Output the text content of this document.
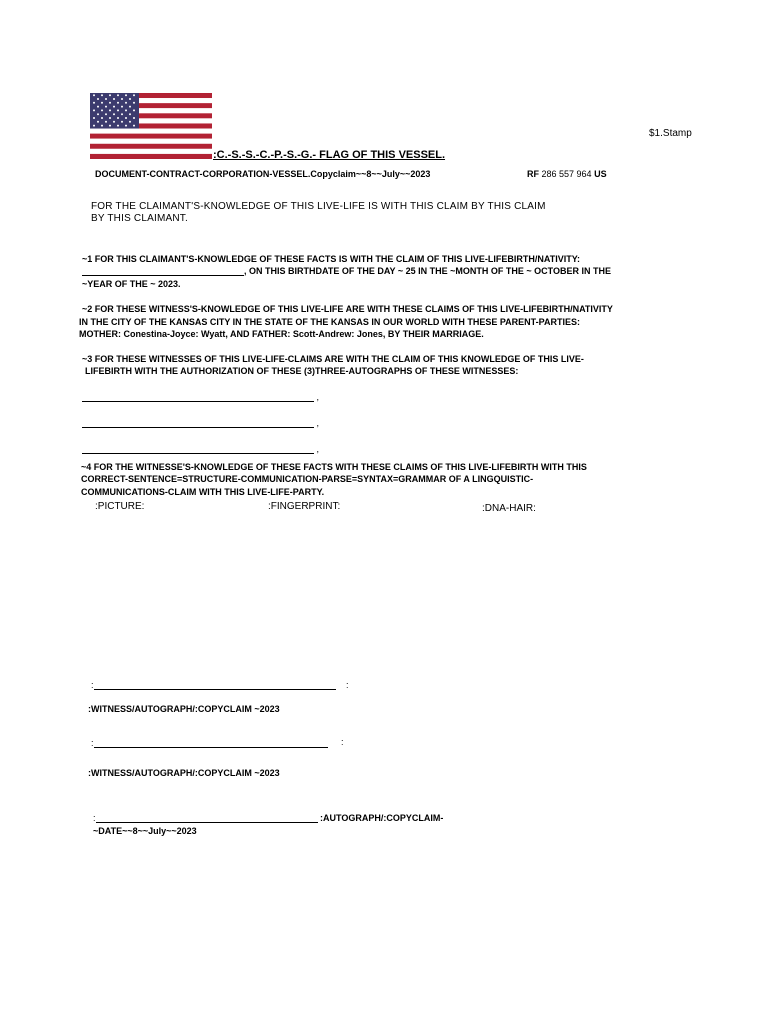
$1.Stamp
:C.-S.-S.-C.-P.-S.-G.- FLAG OF THIS VESSEL.
DOCUMENT-CONTRACT-CORPORATION-VESSEL.Copyclaim~~8~~July~~2023	RF 286 557 964 US
FOR THE CLAIMANT'S-KNOWLEDGE OF THIS LIVE-LIFE IS WITH THIS CLAIM BY THIS CLAIM
BY THIS CLAIMANT.
~1 FOR THIS CLAIMANT'S-KNOWLEDGE OF THESE FACTS IS WITH THE CLAIM OF THIS LIVE-LIFEBIRTH/NATIVITY:
, ON THIS BIRTHDATE OF THE DAY ~ 25 IN THE ~MONTH OF THE ~ OCTOBER IN THE
~YEAR OF THE ~ 2023.
~2 FOR THESE WITNESS'S-KNOWLEDGE OF THIS LIVE-LIFE ARE WITH THESE CLAIMS OF THIS LIVE-LIFEBIRTH/NATIVITY
IN THE CITY OF THE KANSAS CITY IN THE STATE OF THE KANSAS IN OUR WORLD WITH THESE PARENT-PARTIES:
MOTHER: Conestina-Joyce: Wyatt, AND FATHER: Scott-Andrew: Jones, BY THEIR MARRIAGE.
~3 FOR THESE WITNESSES OF THIS LIVE-LIFE-CLAIMS ARE WITH THE CLAIM OF THIS KNOWLEDGE OF THIS LIVE-
LIFEBIRTH WITH THE AUTHORIZATION OF THESE (3)THREE-AUTOGRAPHS OF THESE WITNESSES:
,
,
,
~4 FOR THE WITNESSE'S-KNOWLEDGE OF THESE FACTS WITH THESE CLAIMS OF THIS LIVE-LIFEBIRTH WITH THIS
CORRECT-SENTENCE=STRUCTURE-COMMUNICATION-PARSE=SYNTAX=GRAMMAR OF A LINGQUISTIC-
COMMUNICATIONS-CLAIM WITH THIS LIVE-LIFE-PARTY.
:PICTURE:	:FINGERPRINT:	:DNA-HAIR:
:	:
:WITNESS/AUTOGRAPH/:COPYCLAIM ~2023
:	:
:WITNESS/AUTOGRAPH/:COPYCLAIM ~2023
:	:AUTOGRAPH/:COPYCLAIM-
~DATE~~8~~July~~2023
